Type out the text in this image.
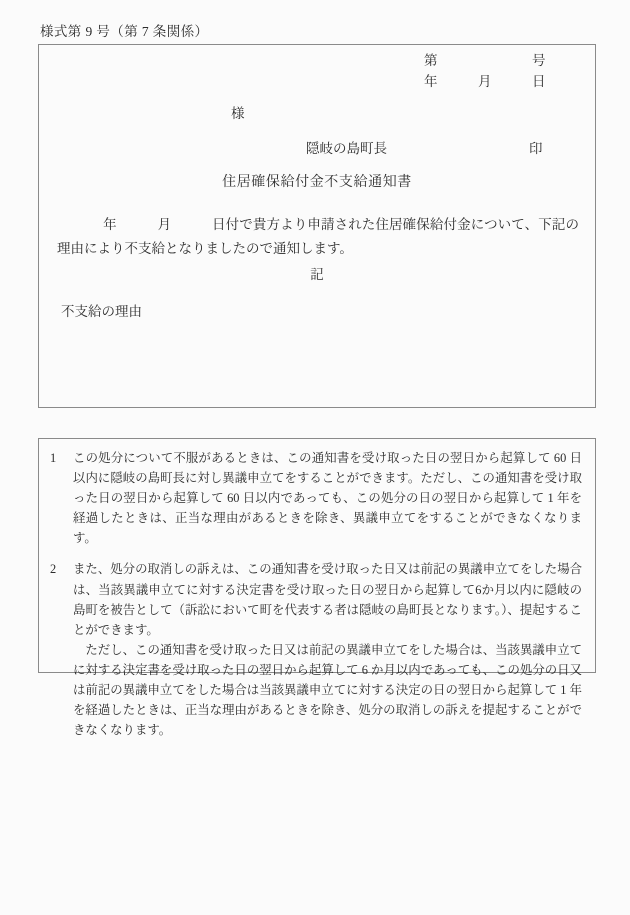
様式第 9 号（第 7 条関係）
第　　　　　　　号
年　　　月　　　日
様
隠岐の島町長	印
住居確保給付金不支給通知書
年　　　月　　　日付で貴方より申請された住居確保給付金について、下記の理由により不支給となりましたので通知します。
記
不支給の理由
1	この処分について不服があるときは、この通知書を受け取った日の翌日から起算して 60 日以内に隠岐の島町長に対し異議申立てをすることができます。ただし、この通知書を受け取った日の翌日から起算して 60 日以内であっても、この処分の日の翌日から起算して 1 年を経過したときは、正当な理由があるときを除き、異議申立てをすることができなくなります。

2	また、処分の取消しの訴えは、この通知書を受け取った日又は前記の異議申立てをした場合は、当該異議申立てに対する決定書を受け取った日の翌日から起算して6か月以内に隠岐の島町を被告として（訴訟において町を代表する者は隠岐の島町長となります。）、提起することができます。

ただし、この通知書を受け取った日又は前記の異議申立てをした場合は、当該異議申立てに対する決定書を受け取った日の翌日から起算して 6 か月以内であっても、この処分の日又は前記の異議申立てをした場合は当該異議申立てに対する決定の日の翌日から起算して 1 年を経過したときは、正当な理由があるときを除き、処分の取消しの訴えを提起することができなくなります。
